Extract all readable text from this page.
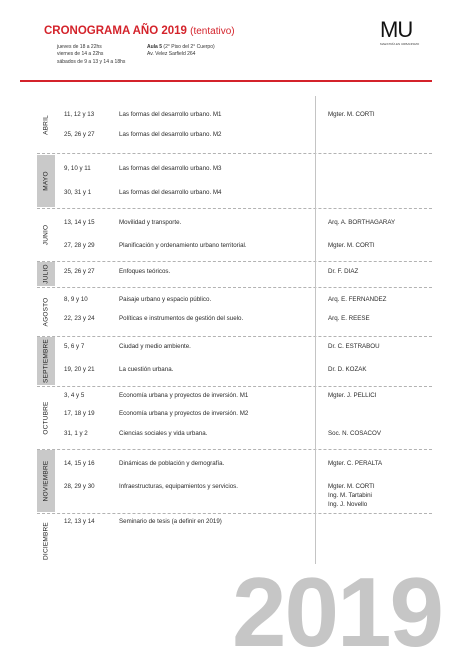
CRONOGRAMA AÑO 2019 (tentativo)
jueves de 18 a 22hs
viernes de 14 a 22hs
sábados de 9 a 13 y 14 a 18hs
Aula 5 (2° Piso del 2° Cuerpo)
Av. Velez Sarfield 264
MU
MAESTRÍA EN URBANISMO
ABRIL
MAYO
JUNIO
JULIO
AGOSTO
SEPTIEMBRE
OCTUBRE
NOVIEMBRE
DICIEMBRE
11, 12 y 13	Las formas del desarrollo urbano. M1	Mgter. M. CORTI
25, 26 y 27	Las formas del desarrollo urbano. M2
9, 10 y 11	Las formas del desarrollo urbano. M3
30, 31 y 1	Las formas del desarrollo urbano. M4
13, 14 y 15	Movilidad y transporte.	Arq. A. BORTHAGARAY
27, 28 y 29	Planificación y ordenamiento urbano territorial.	Mgter. M. CORTI
25, 26 y 27	Enfoques teóricos.	Dr. F. DIAZ
8, 9 y 10	Paisaje urbano y espacio público.	Arq. E. FERNANDEZ
22, 23 y 24	Políticas e instrumentos de gestión del suelo.	Arq. E. REESE
5, 6 y 7	Ciudad y medio ambiente.	Dr. C. ESTRABOU
19, 20 y 21	La cuestión urbana.	Dr. D. KOZAK
3, 4 y 5	Economía urbana y proyectos de inversión. M1	Mgter. J. PELLICI
17, 18 y 19	Economía urbana y proyectos de inversión. M2
31, 1 y 2	Ciencias sociales y vida urbana.	Soc. N. COSACOV
14, 15 y 16	Dinámicas de población y demografía.	Mgter. C. PERALTA
28, 29 y 30	Infraestructuras, equipamientos y servicios.	Mgter. M. CORTI
Ing. M. Tartabini
Ing. J. Novello
12, 13 y 14	Seminario de tesis (a definir en 2019)
2019
